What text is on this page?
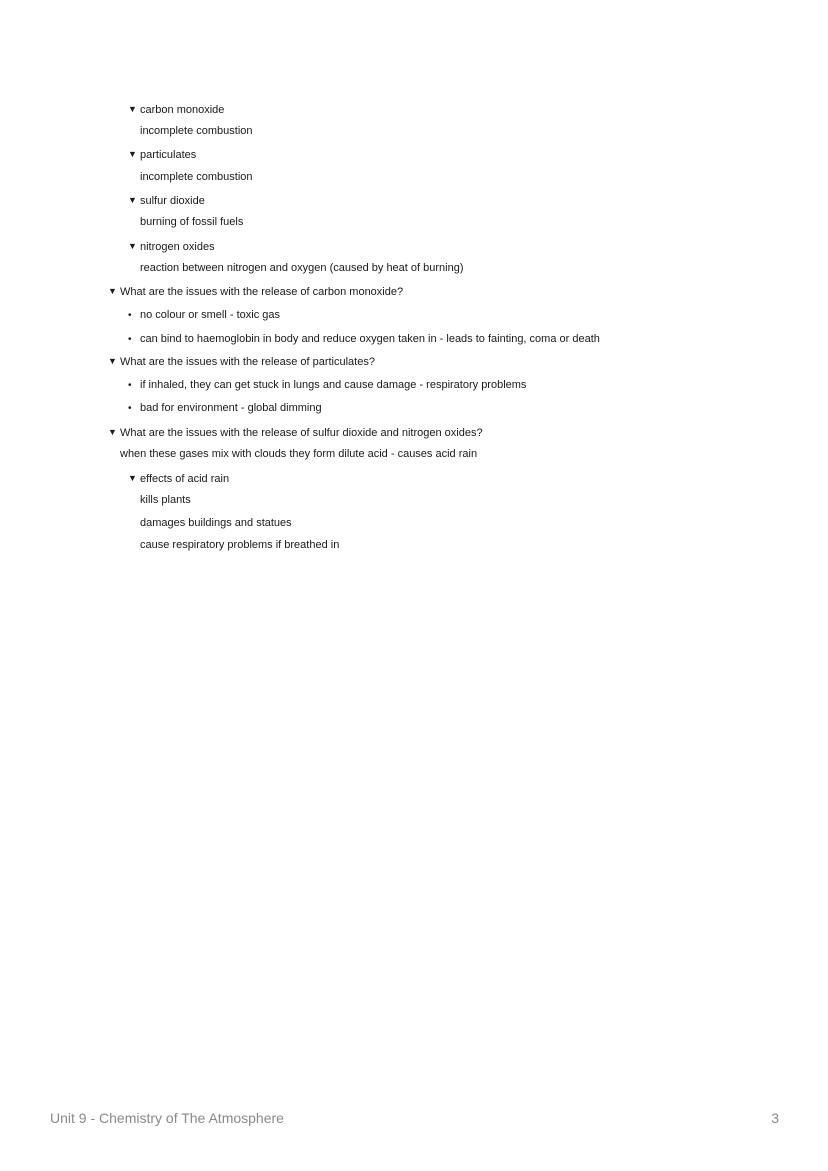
▼ carbon monoxide
incomplete combustion
▼ particulates
incomplete combustion
▼ sulfur dioxide
burning of fossil fuels
▼ nitrogen oxides
reaction between nitrogen and oxygen (caused by heat of burning)
▼ What are the issues with the release of carbon monoxide?
•no colour or smell - toxic gas
•can bind to haemoglobin in body and reduce oxygen taken in - leads to fainting, coma or death
▼ What are the issues with the release of particulates?
•if inhaled, they can get stuck in lungs and cause damage - respiratory problems
•bad for environment - global dimming
▼ What are the issues with the release of sulfur dioxide and nitrogen oxides?
when these gases mix with clouds they form dilute acid - causes acid rain
▼ effects of acid rain
kills plants
damages buildings and statues
cause respiratory problems if breathed in
Unit 9 - Chemistry of The Atmosphere	3
